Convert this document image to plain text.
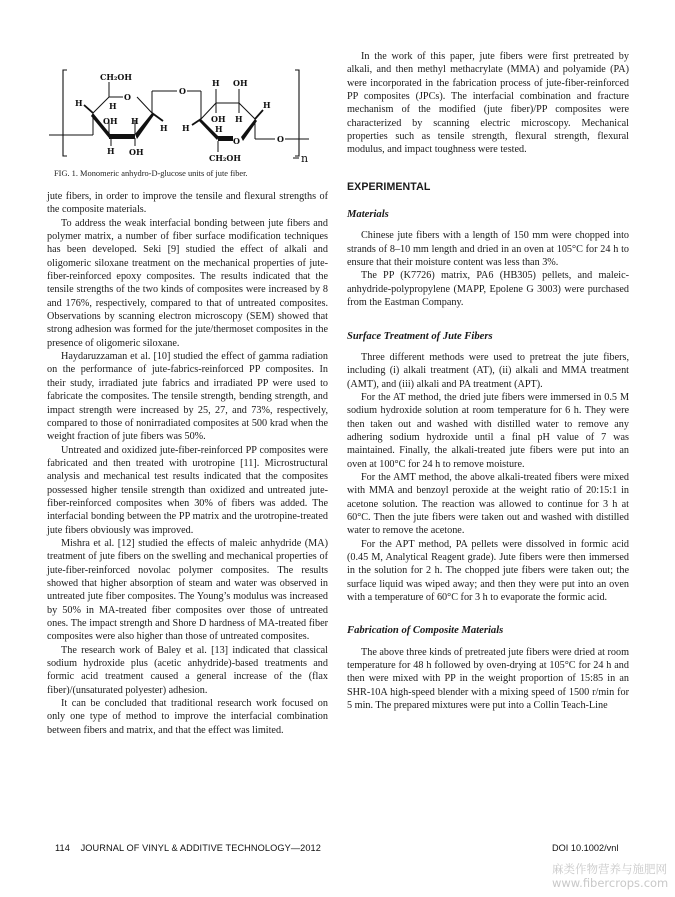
CH₂OH
O
H	H
OH H
H
H OH
O
H OH
OH H
H
H	H
O
CH₂OH
O
n
FIG. 1. Monomeric anhydro-D-glucose units of jute fiber.

jute fibers, in order to improve the tensile and flexural strengths of the composite materials.

To address the weak interfacial bonding between jute fibers and polymer matrix, a number of fiber surface modification techniques has been developed. Seki [9] studied the effect of alkali and oligomeric siloxane treatment on the mechanical properties of jute-fiber-reinforced epoxy composites. The results indicated that the tensile strengths of the two kinds of composites were increased by 8 and 176%, respectively, compared to that of untreated composites. Observations by scanning electron microscopy (SEM) showed that strong adhesion was formed for the jute/thermoset composites in the presence of oligomeric siloxane.

Haydaruzzaman et al. [10] studied the effect of gamma radiation on the performance of jute-fabrics-reinforced PP composites. In their study, irradiated jute fabrics and irradiated PP were used to fabricate the composites. The tensile strength, bending strength, and impact strength were increased by 25, 27, and 73%, respectively, compared to those of nonirradiated composites at 500 krad when the weight fraction of jute fibers was 50%.

Untreated and oxidized jute-fiber-reinforced PP composites were fabricated and then treated with urotropine [11]. Microstructural analysis and mechanical test results indicated that the composites possessed higher tensile strength than oxidized and untreated jute-fiber-reinforced composites when 30% of fibers was added. The interfacial bonding between the PP matrix and the urotropine-treated jute fibers obviously was improved.

Mishra et al. [12] studied the effects of maleic anhydride (MA) treatment of jute fibers on the swelling and mechanical properties of jute-fiber-reinforced novolac polymer composites. The results showed that higher absorption of steam and water was observed in untreated jute fiber composites. The Young’s modulus was increased by 50% in MA-treated fiber composites over those of untreated ones. The impact strength and Shore D hardness of MA-treated fiber composites were also higher than those of untreated composites.

The research work of Baley et al. [13] indicated that classical sodium hydroxide plus (acetic anhydride)-based treatments and formic acid treatment caused a general increase of the (flax fiber)/(unsaturated polyester) adhesion.

It can be concluded that traditional research work focused on only one type of method to improve the interfacial combination between fibers and matrix, and that the effect was limited.

In the work of this paper, jute fibers were first pretreated by alkali, and then methyl methacrylate (MMA) and polyamide (PA) were incorporated in the fabrication process of jute-fiber-reinforced PP composites (JPCs). The interfacial combination and fracture mechanism of the modified (jute fiber)/PP composites were characterized by scanning electric microscopy. Mechanical properties such as tensile strength, flexural strength, flexural modulus, and impact toughness were tested.

EXPERIMENTAL
Materials

Chinese jute fibers with a length of 150 mm were chopped into strands of 8–10 mm length and dried in an oven at 105°C for 24 h to ensure that their moisture content was less than 3%.

The PP (K7726) matrix, PA6 (HB305) pellets, and maleic-anhydride-polypropylene (MAPP, Epolene G 3003) were purchased from the Eastman Company.

Surface Treatment of Jute Fibers

Three different methods were used to pretreat the jute fibers, including (i) alkali treatment (AT), (ii) alkali and MMA treatment (AMT), and (iii) alkali and PA treatment (APT).

For the AT method, the dried jute fibers were immersed in 0.5 M sodium hydroxide solution at room temperature for 6 h. They were then taken out and washed with distilled water to remove any adhering sodium hydroxide until a final pH value of 7 was maintained. Finally, the alkali-treated jute fibers were put into an oven at 100°C for 24 h to remove moisture.

For the AMT method, the above alkali-treated fibers were mixed with MMA and benzoyl peroxide at the weight ratio of 20:15:1 in acetone solution. The reaction was allowed to continue for 3 h at 60°C. Then the jute fibers were taken out and washed with distilled water to remove the acetone.

For the APT method, PA pellets were dissolved in formic acid (0.45 M, Analytical Reagent grade). Jute fibers were then immersed in the solution for 2 h. The chopped jute fibers were taken out; the surface liquid was wiped away; and then they were put into an oven with a temperature of 60°C for 3 h to evaporate the formic acid.

Fabrication of Composite Materials

The above three kinds of pretreated jute fibers were dried at room temperature for 48 h followed by oven-drying at 105°C for 24 h and then were mixed with PP in the weight proportion of 15:85 in an SHR-10A high-speed blender with a mixing speed of 1500 r/min for 5 min. The prepared mixtures were put into a Collin Teach-Line

114 JOURNAL OF VINYL & ADDITIVE TECHNOLOGY—2012	DOI 10.1002/vnl
麻类作物营养与施肥网
www.fibercrops.com
